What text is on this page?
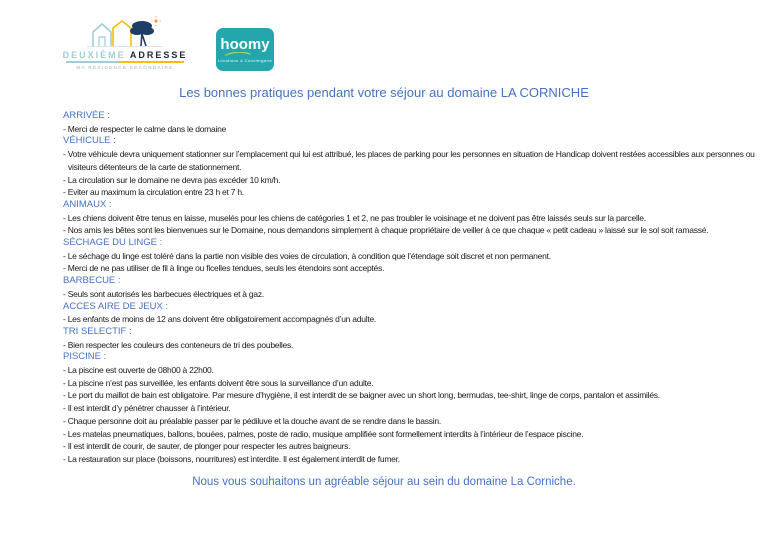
DEUXIÈME ADRESSE
MA RÉSIDENCE SECONDAIRE
hoomy
Locations & Conciergerie
Les bonnes pratiques pendant votre séjour au domaine LA CORNICHE
ARRIVÉE :
- Merci de respecter le calme dans le domaine
VÉHICULE :
- Votre véhicule devra uniquement stationner sur l’emplacement qui lui est attribué, les places de parking pour les personnes en situation de Handicap doivent restées accessibles aux personnes ou visiteurs détenteurs de la carte de stationnement.
- La circulation sur le domaine ne devra pas excéder 10 km/h.
- Eviter au maximum la circulation entre 23 h et 7 h.
ANIMAUX :
- Les chiens doivent être tenus en laisse, muselés pour les chiens de catégories 1 et 2, ne pas troubler le voisinage et ne doivent pas être laissés seuls sur la parcelle.
- Nos amis les bêtes sont les bienvenues sur le Domaine, nous demandons simplement à chaque propriétaire de veiller à ce que chaque « petit cadeau » laissé sur le sol soit ramassé.
SÉCHAGE DU LINGE :
- Le séchage du linge est toléré dans la partie non visible des voies de circulation, à condition que l’étendage soit discret et non permanent.
- Merci de ne pas utiliser de fil à linge ou ficelles tendues, seuls les étendoirs sont acceptés.
BARBECUE :
- Seuls sont autorisés les barbecues électriques et à gaz.
ACCES AIRE DE JEUX :
- Les enfants de moins de 12 ans doivent être obligatoirement accompagnés d’un adulte.
TRI SELECTIF :
- Bien respecter les couleurs des conteneurs de tri des poubelles.
PISCINE :
- La piscine est ouverte de 08h00 à 22h00.
- La piscine n’est pas surveillée, les enfants doivent être sous la surveillance d’un adulte.
- Le port du maillot de bain est obligatoire. Par mesure d’hygiène, il est interdit de se baigner avec un short long, bermudas, tee-shirt, linge de corps, pantalon et assimilés.
- Il est interdit d’y pénétrer chausser à l’intérieur.
- Chaque personne doit au préalable passer par le pédiluve et la douche avant de se rendre dans le bassin.
- Les matelas pneumatiques, ballons, bouées, palmes, poste de radio, musique amplifiée sont formellement interdits à l’intérieur de l’espace piscine.
- Il est interdit de courir, de sauter, de plonger pour respecter les autres baigneurs.
- La restauration sur place (boissons, nourritures) est interdite. Il est également interdit de fumer.
Nous vous souhaitons un agréable séjour au sein du domaine La Corniche.
